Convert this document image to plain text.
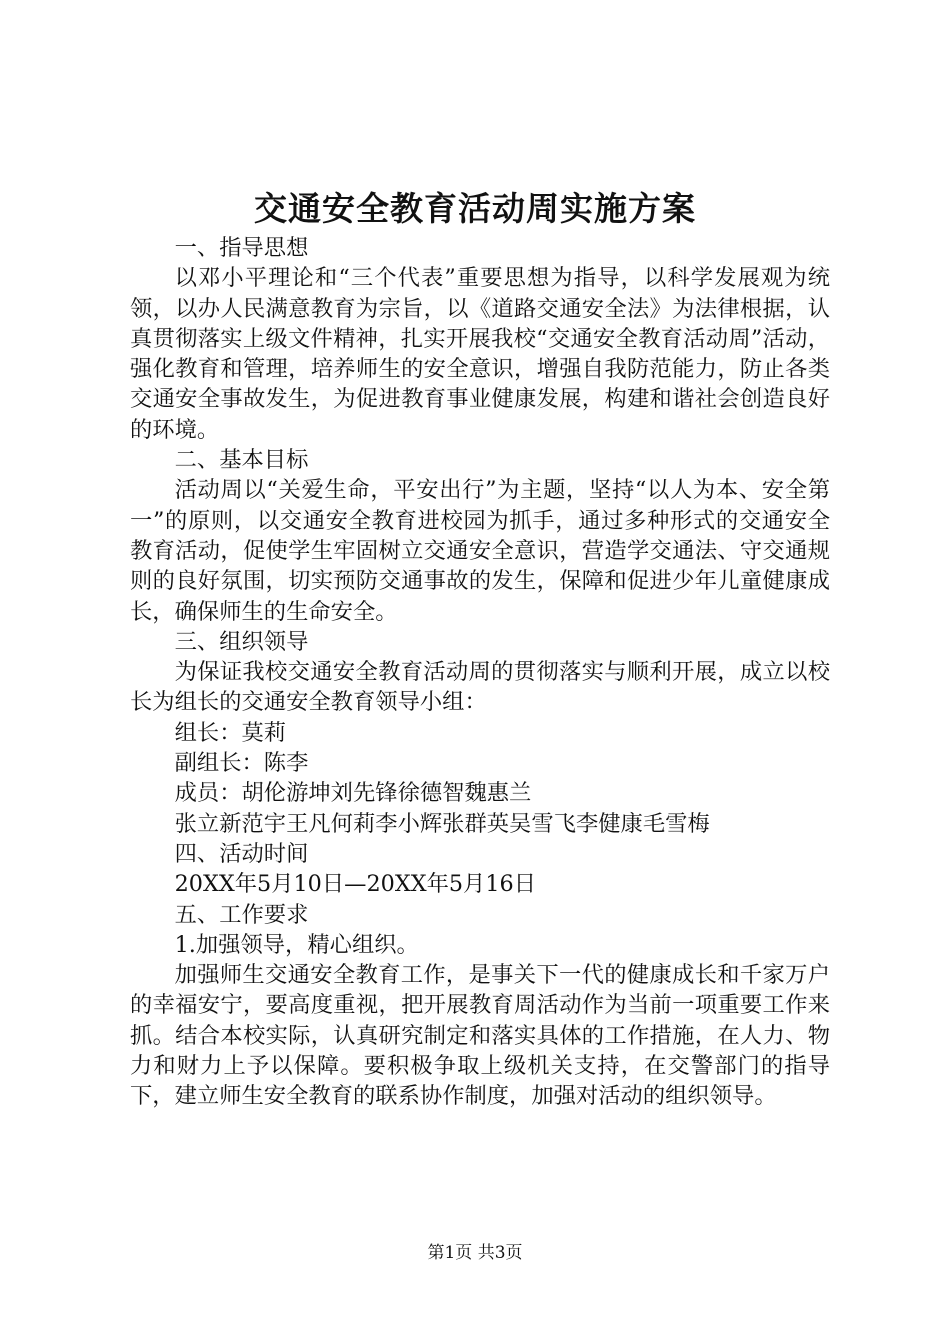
交通安全教育活动周实施方案

一、指导思想

以邓小平理论和“三个代表”重要思想为指导，以科学发展观为统领，以办人民满意教育为宗旨，以《道路交通安全法》为法律根据，认真贯彻落实上级文件精神，扎实开展我校“交通安全教育活动周”活动，强化教育和管理，培养师生的安全意识，增强自我防范能力，防止各类交通安全事故发生，为促进教育事业健康发展，构建和谐社会创造良好的环境。

二、基本目标

活动周以“关爱生命，平安出行”为主题，坚持“以人为本、安全第一”的原则，以交通安全教育进校园为抓手，通过多种形式的交通安全教育活动，促使学生牢固树立交通安全意识，营造学交通法、守交通规则的良好氛围，切实预防交通事故的发生，保障和促进少年儿童健康成长，确保师生的生命安全。

三、组织领导

为保证我校交通安全教育活动周的贯彻落实与顺利开展，成立以校长为组长的交通安全教育领导小组：

组长：莫莉

副组长：陈李

成员：胡伦游坤刘先锋徐德智魏惠兰

张立新范宇王凡何莉李小辉张群英吴雪飞李健康毛雪梅

四、活动时间

20XX年5月10日—20XX年5月16日

五、工作要求

1.加强领导，精心组织。

加强师生交通安全教育工作，是事关下一代的健康成长和千家万户的幸福安宁，要高度重视，把开展教育周活动作为当前一项重要工作来抓。结合本校实际，认真研究制定和落实具体的工作措施，在人力、物力和财力上予以保障。要积极争取上级机关支持，在交警部门的指导下，建立师生安全教育的联系协作制度，加强对活动的组织领导。

第1页 共3页
